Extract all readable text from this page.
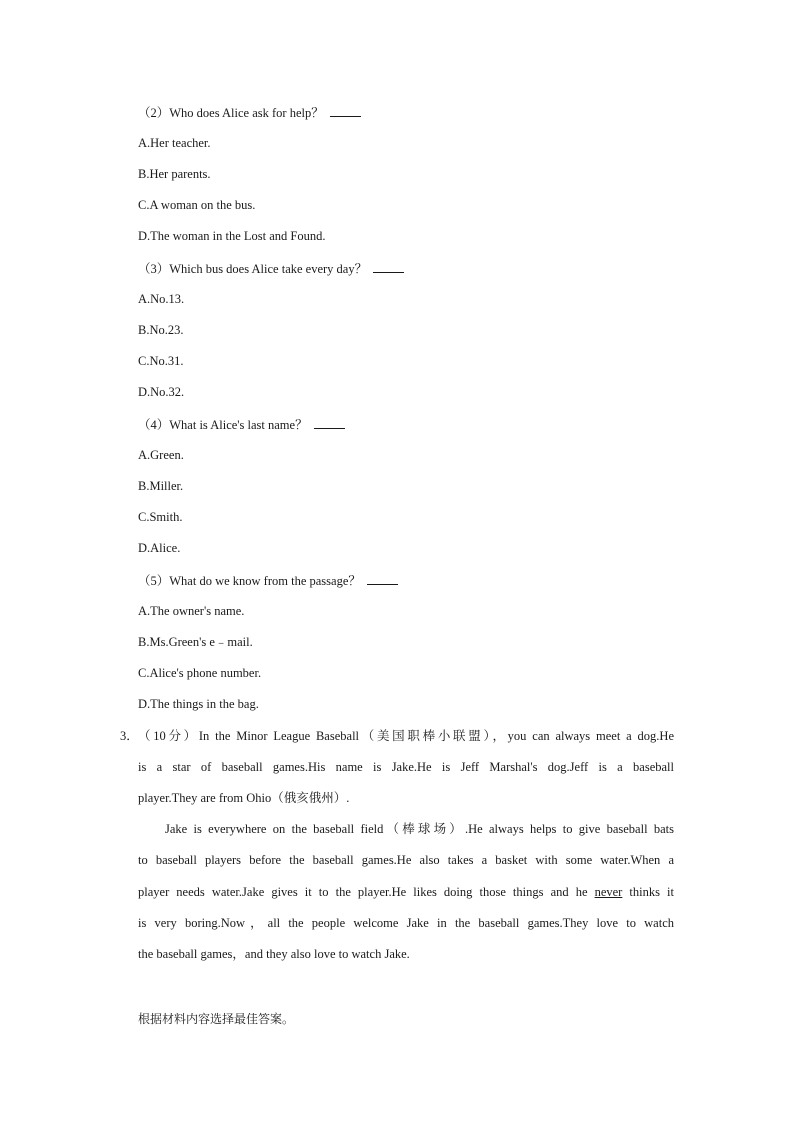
（2）Who does Alice ask for help？
A.Her teacher.
B.Her parents.
C.A woman on the bus.
D.The woman in the Lost and Found.
（3）Which bus does Alice take every day？
A.No.13.
B.No.23.
C.No.31.
D.No.32.
（4）What is Alice's last name？
A.Green.
B.Miller.
C.Smith.
D.Alice.
（5）What do we know from the passage？
A.The owner's name.
B.Ms.Green's e﹣mail.
C.Alice's phone number.
D.The things in the bag.
3． （10分）In the Minor League Baseball（美国职棒小联盟），you can always meet a dog.He
is a star of baseball games.His name is Jake.He is Jeff Marshal's dog.Jeff is a baseball
player.They are from Ohio（俄亥俄州）.
Jake is everywhere on the baseball field（棒球场）.He always helps to give baseball bats
to baseball players before the baseball games.He also takes a basket with some water.When a
player needs water.Jake gives it to the player.He likes doing those things and he never thinks it
is very boring.Now，all the people welcome Jake in the baseball games.They love to watch
the baseball games，and they also love to watch Jake.
根据材料内容选择最佳答案。
